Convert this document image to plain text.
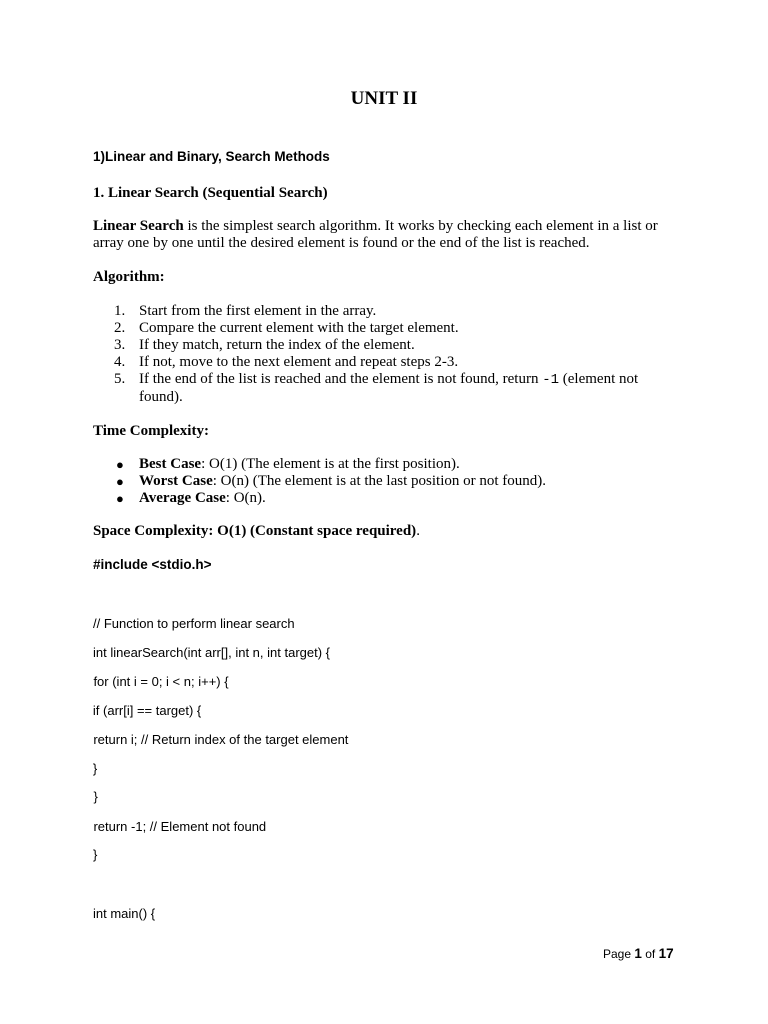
UNIT II
1)Linear and Binary, Search Methods
1. Linear Search (Sequential Search)
Linear Search is the simplest search algorithm. It works by checking each element in a list or array one by one until the desired element is found or the end of the list is reached.
Algorithm:
1. Start from the first element in the array.
2. Compare the current element with the target element.
3. If they match, return the index of the element.
4. If not, move to the next element and repeat steps 2-3.
5. If the end of the list is reached and the element is not found, return -1 (element not found).
Time Complexity:
● Best Case: O(1) (The element is at the first position).
● Worst Case: O(n) (The element is at the last position or not found).
● Average Case: O(n).
Space Complexity: O(1) (Constant space required).
#include <stdio.h>
// Function to perform linear search
int linearSearch(int arr[], int n, int target) {
for (int i = 0; i < n; i++) {
if (arr[i] == target) {
return i; // Return index of the target element
}
}
return -1; // Element not found
}
int main() {
Page 1 of 17
